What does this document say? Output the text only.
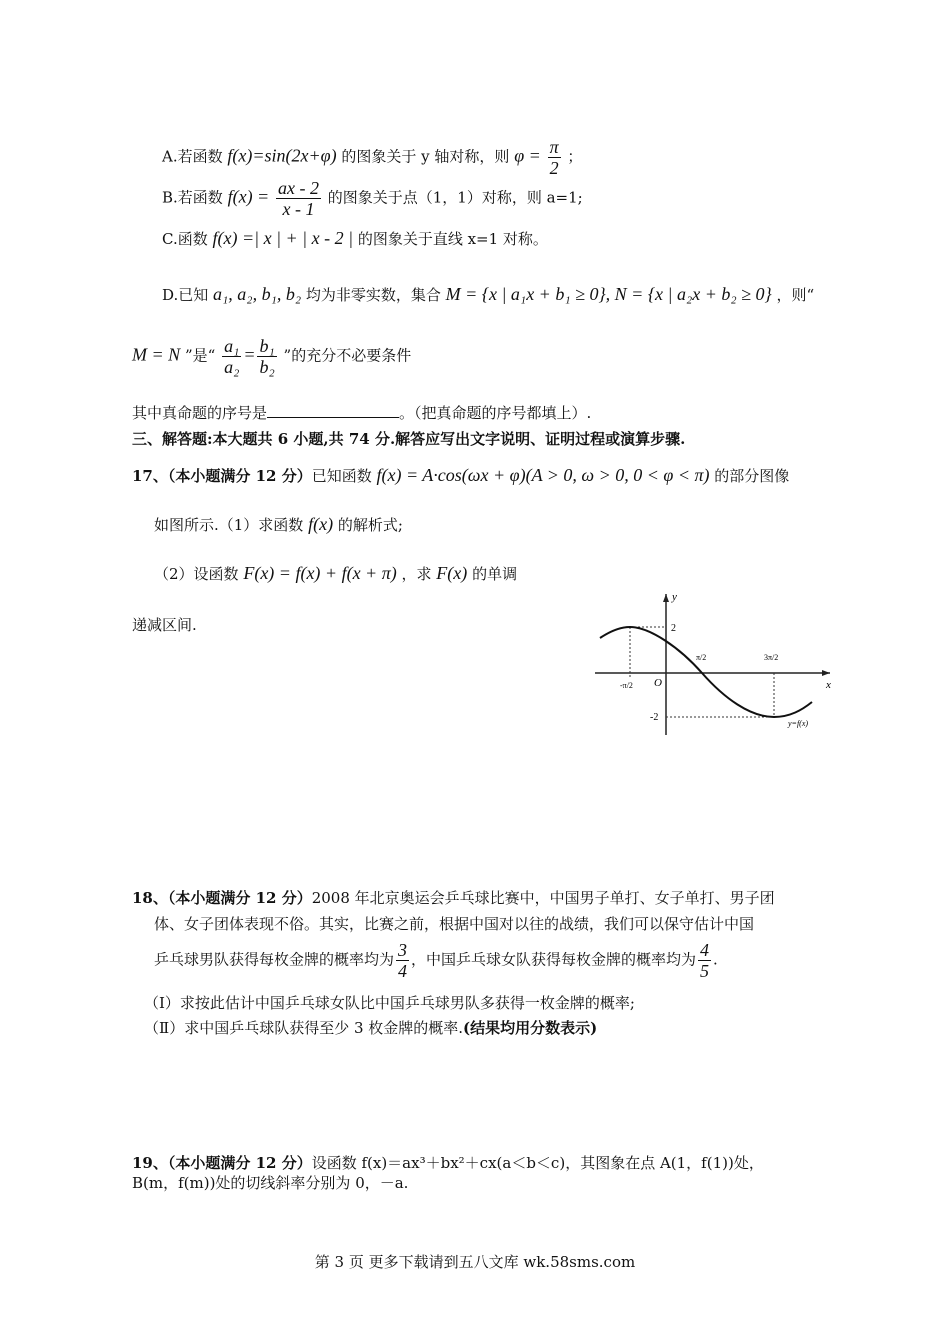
A.若函数 f(x)=sin(2x+φ) 的图象关于 y 轴对称，则 $\varphi = \frac{\pi}{2}$ ；
B.若函数 $f(x) = \frac{ax - 2}{x - 1}$ 的图象关于点（1，1）对称，则 a=1;
C.函数 f(x) =| x | + | x - 2 | 的图象关于直线 x=1 对称。
D.已知 a₁, a₂, b₁, b₂ 均为非零实数，集合 M = {x | a₁x + b₁ ≥ 0}, N = {x | a₂x + b₂ ≥ 0} ，则“
M = N ”是“ $\frac{\text{a₁}}{\text{a₂}} = \frac{\text{b₁}}{\text{b₂}}$ ”的充分不必要条件
其中真命题的序号是	。（把真命题的序号都填上）.
三、解答题:本大题共 6 小题,共 74 分.解答应写出文字说明、证明过程或演算步骤.
17、（本小题满分 12 分）已知函数 f(x) = A·cos(ωx + φ)(A > 0, ω > 0, 0 < φ < π) 的部分图像
如图所示.（1）求函数 f(x) 的解析式;
（2）设函数 F(x) = f(x) + f(x + π) ，求 F(x) 的单调
递减区间.
y
x
O
2
-2
-π/2
π/2	3π/2
y=f(x)
18、（本小题满分 12 分）2008 年北京奥运会乒乓球比赛中，中国男子单打、女子单打、男子团
体、女子团体表现不俗。其实，比赛之前，根据中国对以往的战绩，我们可以保守估计中国
乒乓球男队获得每枚金牌的概率均为 $\frac{3}{4}$ ，中国乒乓球女队获得每枚金牌的概率均为 $\frac{4}{5}$ .
（Ⅰ）求按此估计中国乒乓球女队比中国乒乓球男队多获得一枚金牌的概率;
（Ⅱ）求中国乒乓球队获得至少 3 枚金牌的概率.(结果均用分数表示)
19、（本小题满分 12 分）设函数 f(x)＝ax³＋bx²＋cx(a＜b＜c)，其图象在点 A(1，f(1))处，
B(m，f(m))处的切线斜率分别为 0，－a.
第 3 页 更多下载请到五八文库 wk.58sms.com
